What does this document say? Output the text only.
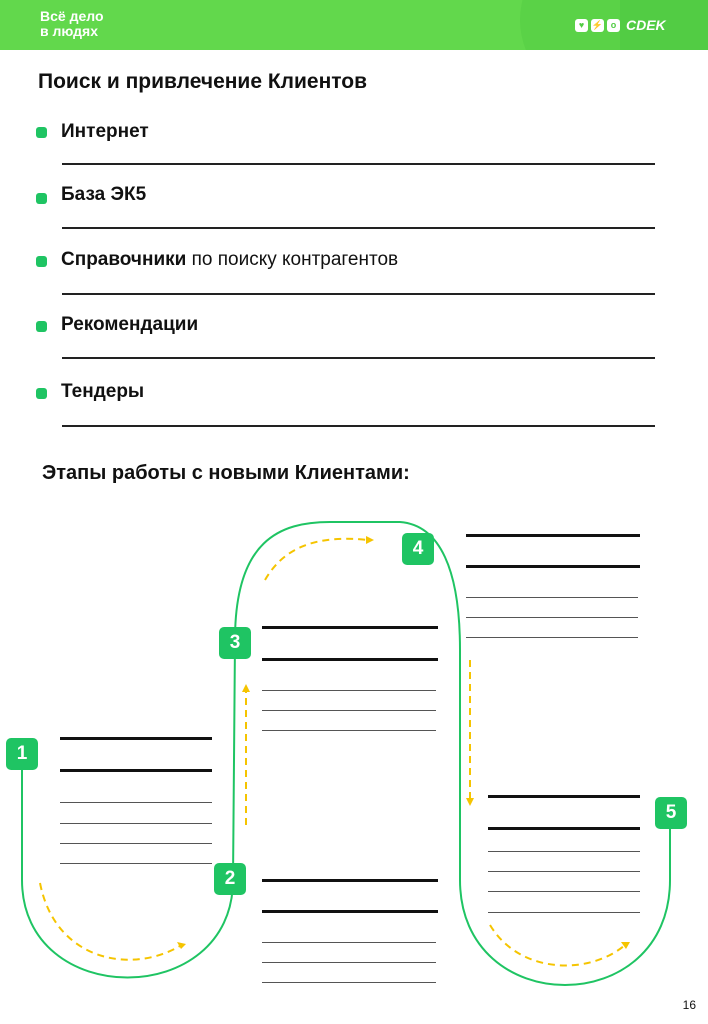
Всё дело
в людях	♥ ⚡ o CDEK
Поиск и привлечение Клиентов
Интернет
База ЭК5
Справочники по поиску контрагентов
Рекомендации
Тендеры
Этапы работы с новыми Клиентами:
1
2
3
4
5
16
